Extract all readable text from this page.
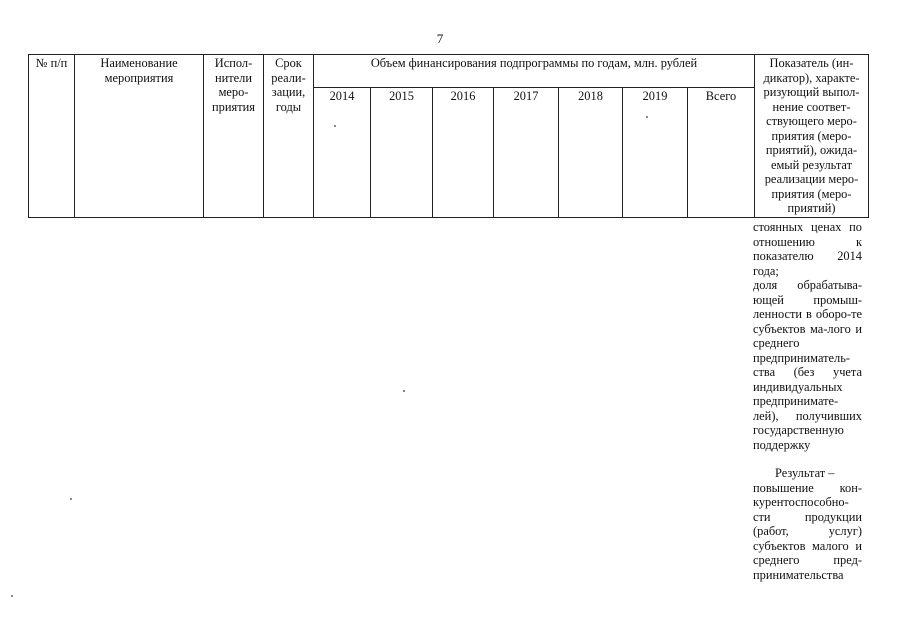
7
№ п/п	Наименование мероприятия	Испол-нители меро-приятия	Срок реали-зации, годы	Объем финансирования подпрограммы по годам, млн. рублей							Показатель (ин-дикатор), характе-ризующий выпол-нение соответ-ствующего меро-приятия (меро-приятий), ожида-емый результат реализации меро-приятия (меро-приятий)
				2014	2015	2016	2017	2018	2019	Всего	
стоянных ценах по отношению к показателю 2014 года;
доля обрабатыва-ющей промыш-ленности в оборо-те субъектов ма-лого и среднего предприниматель-ства (без учета индивидуальных предпринимате-лей), получивших государственную поддержку
Результат –
повышение кон-курентоспособно-сти продукции (работ, услуг) субъектов малого и среднего пред-принимательства
